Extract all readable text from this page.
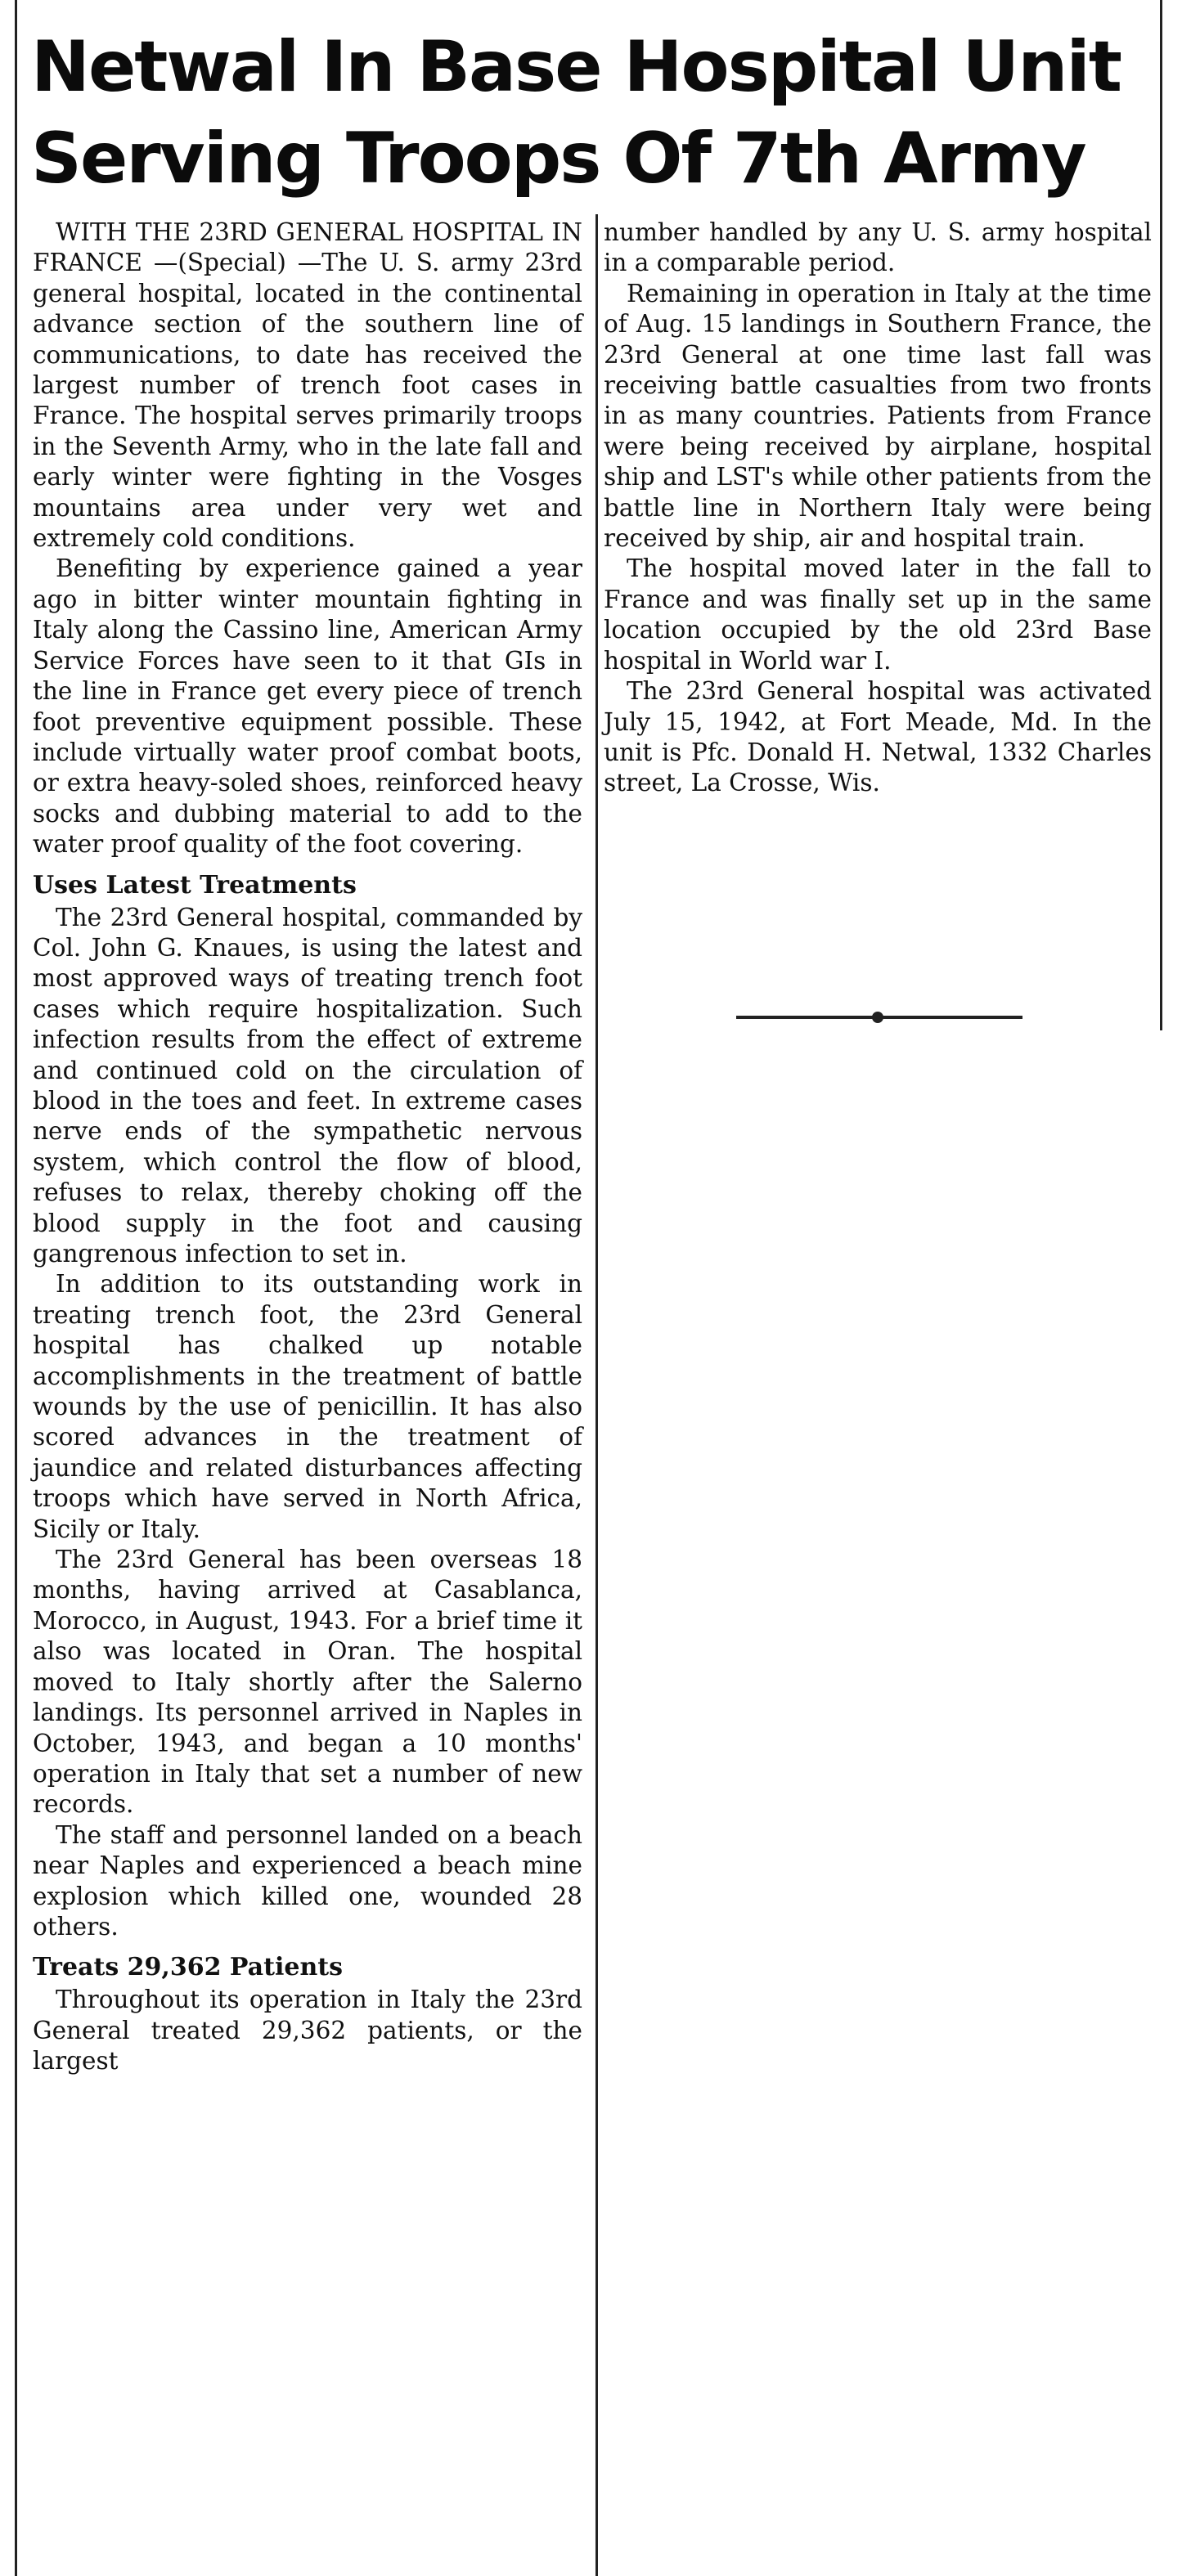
Netwal In Base Hospital Unit
Serving Troops Of 7th Army

WITH THE 23RD GENERAL HOSPITAL IN FRANCE —(Special) —The U. S. army 23rd general hospital, located in the continental advance section of the southern line of communications, to date has received the largest number of trench foot cases in France. The hospital serves primarily troops in the Seventh Army, who in the late fall and early winter were fighting in the Vosges mountains area under very wet and extremely cold conditions.

Benefiting by experience gained a year ago in bitter winter mountain fighting in Italy along the Cassino line, American Army Service Forces have seen to it that GIs in the line in France get every piece of trench foot preventive equipment possible. These include virtually water proof combat boots, or extra heavy-soled shoes, reinforced heavy socks and dubbing material to add to the water proof quality of the foot covering.

Uses Latest Treatments

The 23rd General hospital, commanded by Col. John G. Knaues, is using the latest and most approved ways of treating trench foot cases which require hospitalization. Such infection results from the effect of extreme and continued cold on the circulation of blood in the toes and feet. In extreme cases nerve ends of the sympathetic nervous system, which control the flow of blood, refuses to relax, thereby choking off the blood supply in the foot and causing gangrenous infection to set in.

In addition to its outstanding work in treating trench foot, the 23rd General hospital has chalked up notable accomplishments in the treatment of battle wounds by the use of penicillin. It has also scored advances in the treatment of jaundice and related disturbances affecting troops which have served in North Africa, Sicily or Italy.

The 23rd General has been overseas 18 months, having arrived at Casablanca, Morocco, in August, 1943. For a brief time it also was located in Oran. The hospital moved to Italy shortly after the Salerno landings. Its personnel arrived in Naples in October, 1943, and began a 10 months' operation in Italy that set a number of new records.

The staff and personnel landed on a beach near Naples and experienced a beach mine explosion which killed one, wounded 28 others.

Treats 29,362 Patients

Throughout its operation in Italy the 23rd General treated 29,362 patients, or the largest

number handled by any U. S. army hospital in a comparable period.

Remaining in operation in Italy at the time of Aug. 15 landings in Southern France, the 23rd General at one time last fall was receiving battle casualties from two fronts in as many countries. Patients from France were being received by airplane, hospital ship and LST's while other patients from the battle line in Northern Italy were being received by ship, air and hospital train.

The hospital moved later in the fall to France and was finally set up in the same location occupied by the old 23rd Base hospital in World war I.

The 23rd General hospital was activated July 15, 1942, at Fort Meade, Md. In the unit is Pfc. Donald H. Netwal, 1332 Charles street, La Crosse, Wis.
